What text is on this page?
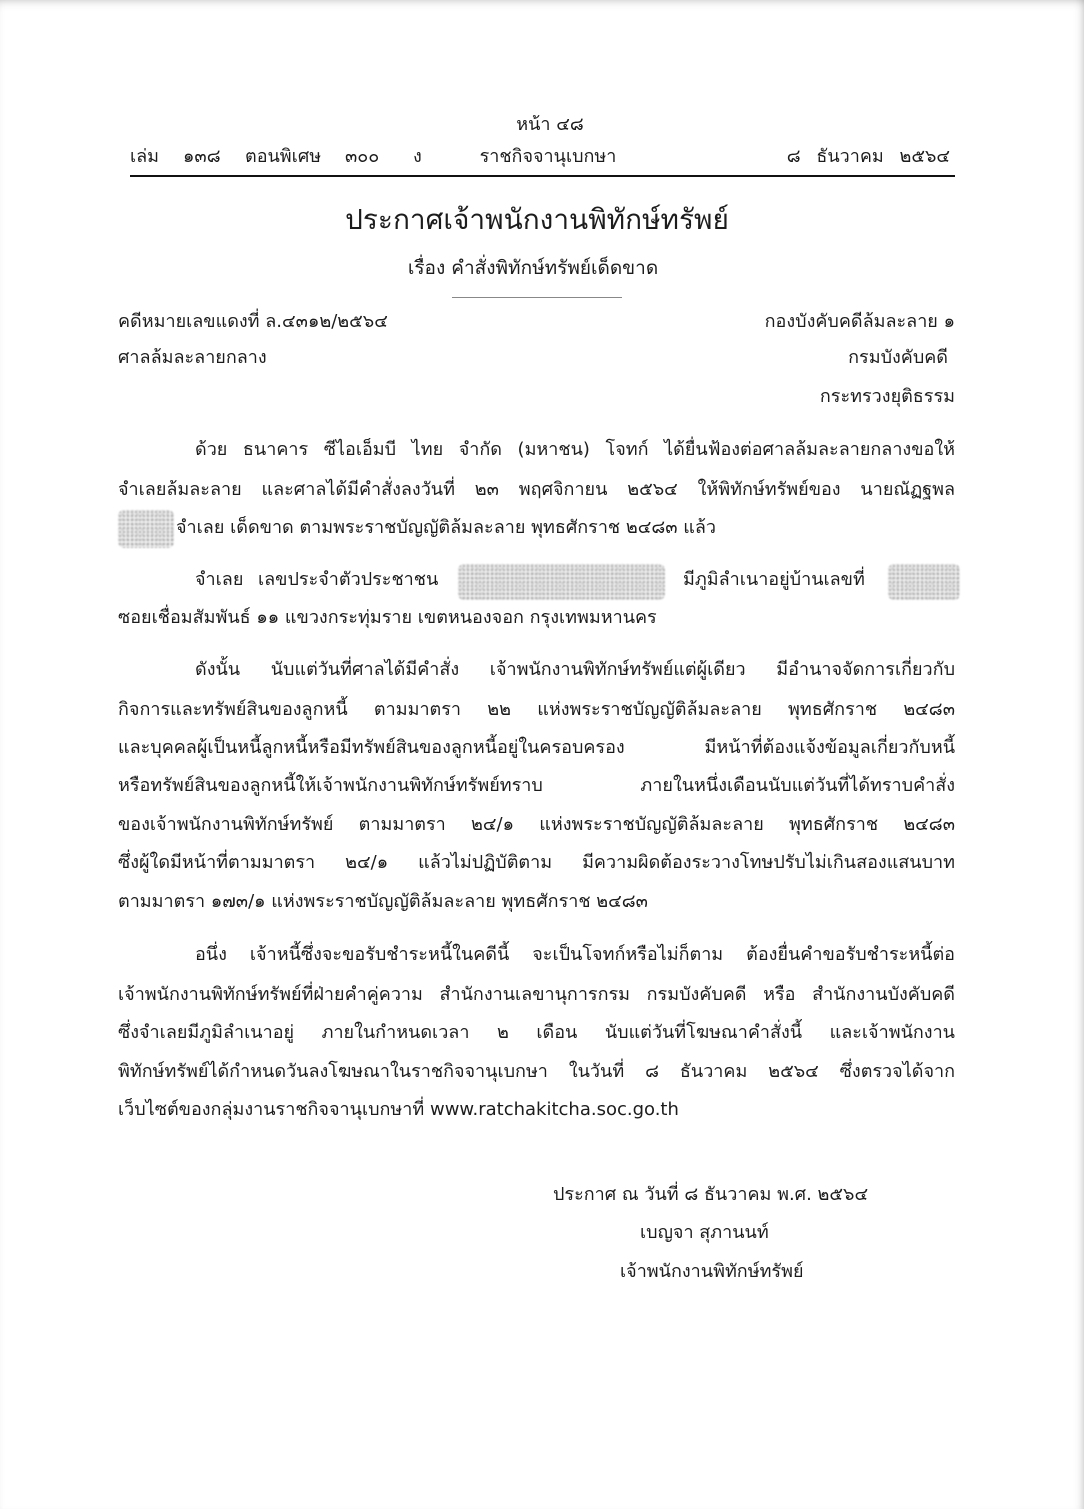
หน้า ๔๘
เล่ม ๑๓๘ ตอนพิเศษ ๓๐๐ ง	ราชกิจจานุเบกษา	๘ ธันวาคม ๒๕๖๔
ประกาศเจ้าพนักงานพิทักษ์ทรัพย์
เรื่อง คำสั่งพิทักษ์ทรัพย์เด็ดขาด
คดีหมายเลขแดงที่ ล.๔๓๑๒/๒๕๖๔
ศาลล้มละลายกลาง
กองบังคับคดีล้มละลาย ๑
กรมบังคับคดี
กระทรวงยุติธรรม
ด้วย ธนาคาร ซีไอเอ็มบี ไทย จำกัด (มหาชน) โจทก์ ได้ยื่นฟ้องต่อศาลล้มละลายกลางขอให้
จำเลยล้มละลาย และศาลได้มีคำสั่งลงวันที่ ๒๓ พฤศจิกายน ๒๕๖๔ ให้พิทักษ์ทรัพย์ของ นายณัฏฐพล
จำเลย เด็ดขาด ตามพระราชบัญญัติล้มละลาย พุทธศักราช ๒๔๘๓ แล้ว
จำเลย เลขประจำตัวประชาชน	มีภูมิลำเนาอยู่บ้านเลขที่
ซอยเชื่อมสัมพันธ์ ๑๑ แขวงกระทุ่มราย เขตหนองจอก กรุงเทพมหานคร
ดังนั้น นับแต่วันที่ศาลได้มีคำสั่ง เจ้าพนักงานพิทักษ์ทรัพย์แต่ผู้เดียว มีอำนาจจัดการเกี่ยวกับ
กิจการและทรัพย์สินของลูกหนี้ ตามมาตรา ๒๒ แห่งพระราชบัญญัติล้มละลาย พุทธศักราช ๒๔๘๓
และบุคคลผู้เป็นหนี้ลูกหนี้หรือมีทรัพย์สินของลูกหนี้อยู่ในครอบครอง มีหน้าที่ต้องแจ้งข้อมูลเกี่ยวกับหนี้
หรือทรัพย์สินของลูกหนี้ให้เจ้าพนักงานพิทักษ์ทรัพย์ทราบ ภายในหนึ่งเดือนนับแต่วันที่ได้ทราบคำสั่ง
ของเจ้าพนักงานพิทักษ์ทรัพย์ ตามมาตรา ๒๔/๑ แห่งพระราชบัญญัติล้มละลาย พุทธศักราช ๒๔๘๓
ซึ่งผู้ใดมีหน้าที่ตามมาตรา ๒๔/๑ แล้วไม่ปฏิบัติตาม มีความผิดต้องระวางโทษปรับไม่เกินสองแสนบาท
ตามมาตรา ๑๗๓/๑ แห่งพระราชบัญญัติล้มละลาย พุทธศักราช ๒๔๘๓
อนึ่ง เจ้าหนี้ซึ่งจะขอรับชำระหนี้ในคดีนี้ จะเป็นโจทก์หรือไม่ก็ตาม ต้องยื่นคำขอรับชำระหนี้ต่อ
เจ้าพนักงานพิทักษ์ทรัพย์ที่ฝ่ายคำคู่ความ สำนักงานเลขานุการกรม กรมบังคับคดี หรือ สำนักงานบังคับคดี
ซึ่งจำเลยมีภูมิลำเนาอยู่ ภายในกำหนดเวลา ๒ เดือน นับแต่วันที่โฆษณาคำสั่งนี้ และเจ้าพนักงาน
พิทักษ์ทรัพย์ได้กำหนดวันลงโฆษณาในราชกิจจานุเบกษา ในวันที่ ๘ ธันวาคม ๒๕๖๔ ซึ่งตรวจได้จาก
เว็บไซต์ของกลุ่มงานราชกิจจานุเบกษาที่ www.ratchakitcha.soc.go.th
ประกาศ ณ วันที่ ๘ ธันวาคม พ.ศ. ๒๕๖๔
เบญจา สุภานนท์
เจ้าพนักงานพิทักษ์ทรัพย์
